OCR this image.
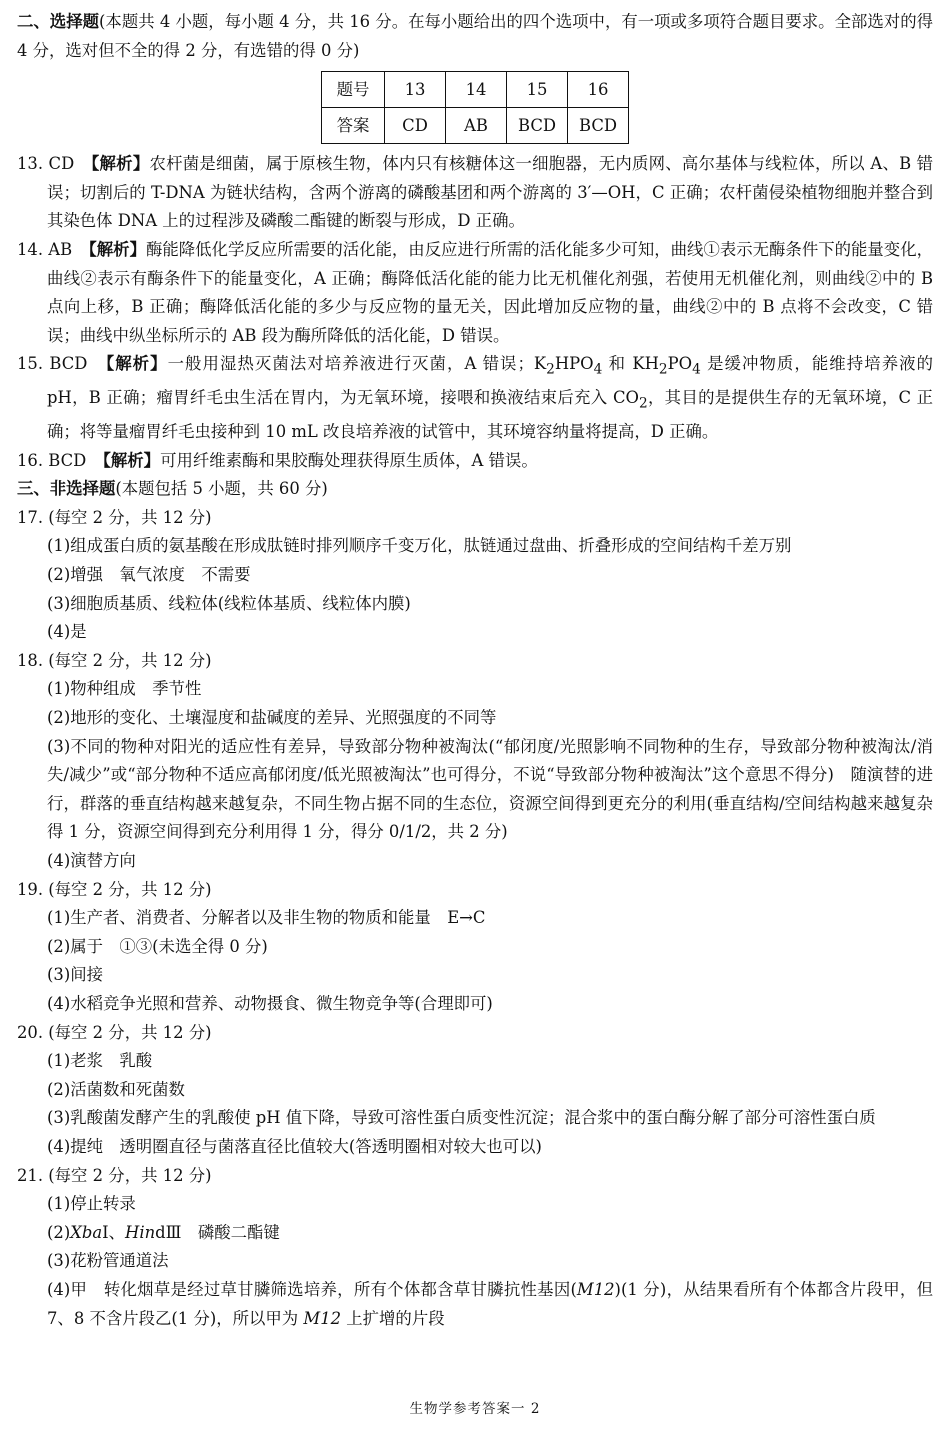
二、选择题(本题共 4 小题，每小题 4 分，共 16 分。在每小题给出的四个选项中，有一项或多项符合题目要求。全部选对的得 4 分，选对但不全的得 2 分，有选错的得 0 分)

题号	13	14	15	16
答案	CD	AB	BCD	BCD

13. CD　 【解析】农杆菌是细菌，属于原核生物，体内只有核糖体这一细胞器，无内质网、高尔基体与线粒体，所以 A、B 错误；切割后的 T-DNA 为链状结构，含两个游离的磷酸基团和两个游离的 3′—OH，C 正确；农杆菌侵染植物细胞并整合到其染色体 DNA 上的过程涉及磷酸二酯键的断裂与形成，D 正确。

14. AB　 【解析】酶能降低化学反应所需要的活化能，由反应进行所需的活化能多少可知，曲线①表示无酶条件下的能量变化，曲线②表示有酶条件下的能量变化，A 正确；酶降低活化能的能力比无机催化剂强，若使用无机催化剂，则曲线②中的 B 点向上移，B 正确；酶降低活化能的多少与反应物的量无关，因此增加反应物的量，曲线②中的 B 点将不会改变，C 错误；曲线中纵坐标所示的 AB 段为酶所降低的活化能，D 错误。

15. BCD　 【解析】一般用湿热灭菌法对培养液进行灭菌，A 错误；$K_2HPO_4$ 和 $KH_2PO_4$ 是缓冲物质，能维持培养液的 pH，B 正确；瘤胃纤毛虫生活在胃内，为无氧环境，接喂和换液结束后充入 $CO_2$，其目的是提供生存的无氧环境，C 正确；将等量瘤胃纤毛虫接种到 10 mL 改良培养液的试管中，其环境容纳量将提高，D 正确。

16. BCD　 【解析】可用纤维素酶和果胶酶处理获得原生质体，A 错误。

三、非选择题(本题包括 5 小题，共 60 分)

17. (每空 2 分，共 12 分)

(1)组成蛋白质的氨基酸在形成肽链时排列顺序千变万化，肽链通过盘曲、折叠形成的空间结构千差万别

(2)增强　氧气浓度　不需要

(3)细胞质基质、线粒体(线粒体基质、线粒体内膜)

(4)是

18. (每空 2 分，共 12 分)

(1)物种组成　季节性

(2)地形的变化、土壤湿度和盐碱度的差异、光照强度的不同等

(3)不同的物种对阳光的适应性有差异，导致部分物种被淘汰(“郁闭度/光照影响不同物种的生存，导致部分物种被淘汰/消失/减少”或“部分物种不适应高郁闭度/低光照被淘汰”也可得分，不说“导致部分物种被淘汰”这个意思不得分)　随演替的进行，群落的垂直结构越来越复杂，不同生物占据不同的生态位，资源空间得到更充分的利用(垂直结构/空间结构越来越复杂得 1 分，资源空间得到充分利用得 1 分，得分 0/1/2，共 2 分)

(4)演替方向

19. (每空 2 分，共 12 分)

(1)生产者、消费者、分解者以及非生物的物质和能量　E→C

(2)属于　①③(未选全得 0 分)

(3)间接

(4)水稻竞争光照和营养、动物摄食、微生物竞争等(合理即可)

20. (每空 2 分，共 12 分)

(1)老浆　乳酸

(2)活菌数和死菌数

(3)乳酸菌发酵产生的乳酸使 pH 值下降，导致可溶性蛋白质变性沉淀；混合浆中的蛋白酶分解了部分可溶性蛋白质

(4)提纯　透明圈直径与菌落直径比值较大(答透明圈相对较大也可以)

21. (每空 2 分，共 12 分)

(1)停止转录

(2)XbaⅠ、HindⅢ　磷酸二酯键

(3)花粉管通道法

(4)甲　转化烟草是经过草甘膦筛选培养，所有个体都含草甘膦抗性基因(M12)(1 分)，从结果看所有个体都含片段甲，但 7、8 不含片段乙(1 分)，所以甲为 M12 上扩增的片段

生物学参考答案一 2
